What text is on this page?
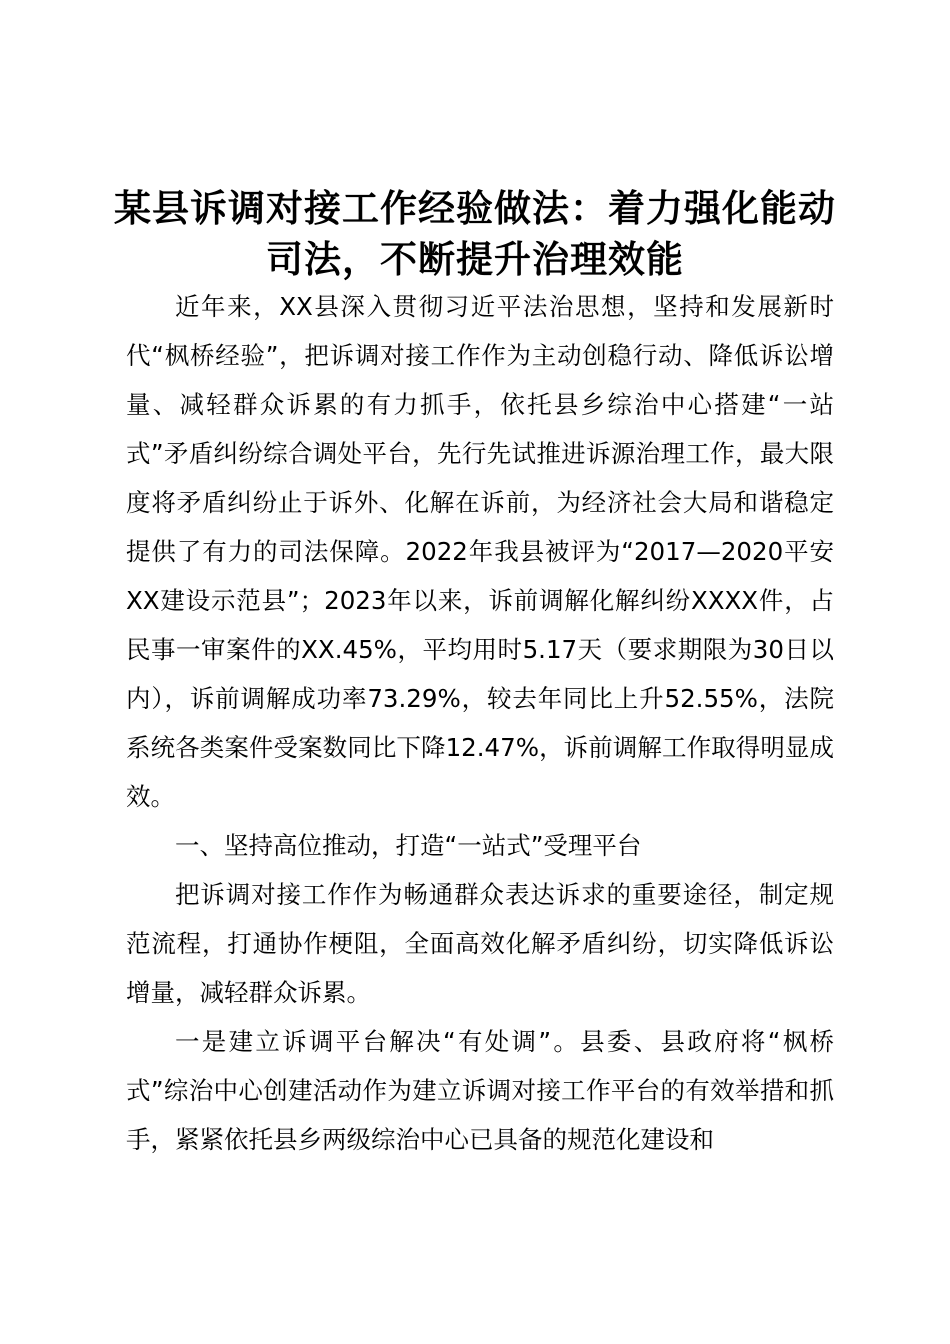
某县诉调对接工作经验做法：着力强化能动司法，不断提升治理效能

近年来，XX县深入贯彻习近平法治思想，坚持和发展新时代“枫桥经验”，把诉调对接工作作为主动创稳行动、降低诉讼增量、减轻群众诉累的有力抓手，依托县乡综治中心搭建“一站式”矛盾纠纷综合调处平台，先行先试推进诉源治理工作，最大限度将矛盾纠纷止于诉外、化解在诉前，为经济社会大局和谐稳定提供了有力的司法保障。2022年我县被评为“2017—2020平安XX建设示范县”；2023年以来，诉前调解化解纠纷XXXX件，占民事一审案件的XX.45%，平均用时5.17天（要求期限为30日以内），诉前调解成功率73.29%，较去年同比上升52.55%，法院系统各类案件受案数同比下降12.47%，诉前调解工作取得明显成效。

一、坚持高位推动，打造“一站式”受理平台

把诉调对接工作作为畅通群众表达诉求的重要途径，制定规范流程，打通协作梗阻，全面高效化解矛盾纠纷，切实降低诉讼增量，减轻群众诉累。

一是建立诉调平台解决“有处调”。县委、县政府将“枫桥式”综治中心创建活动作为建立诉调对接工作平台的有效举措和抓手，紧紧依托县乡两级综治中心已具备的规范化建设和
